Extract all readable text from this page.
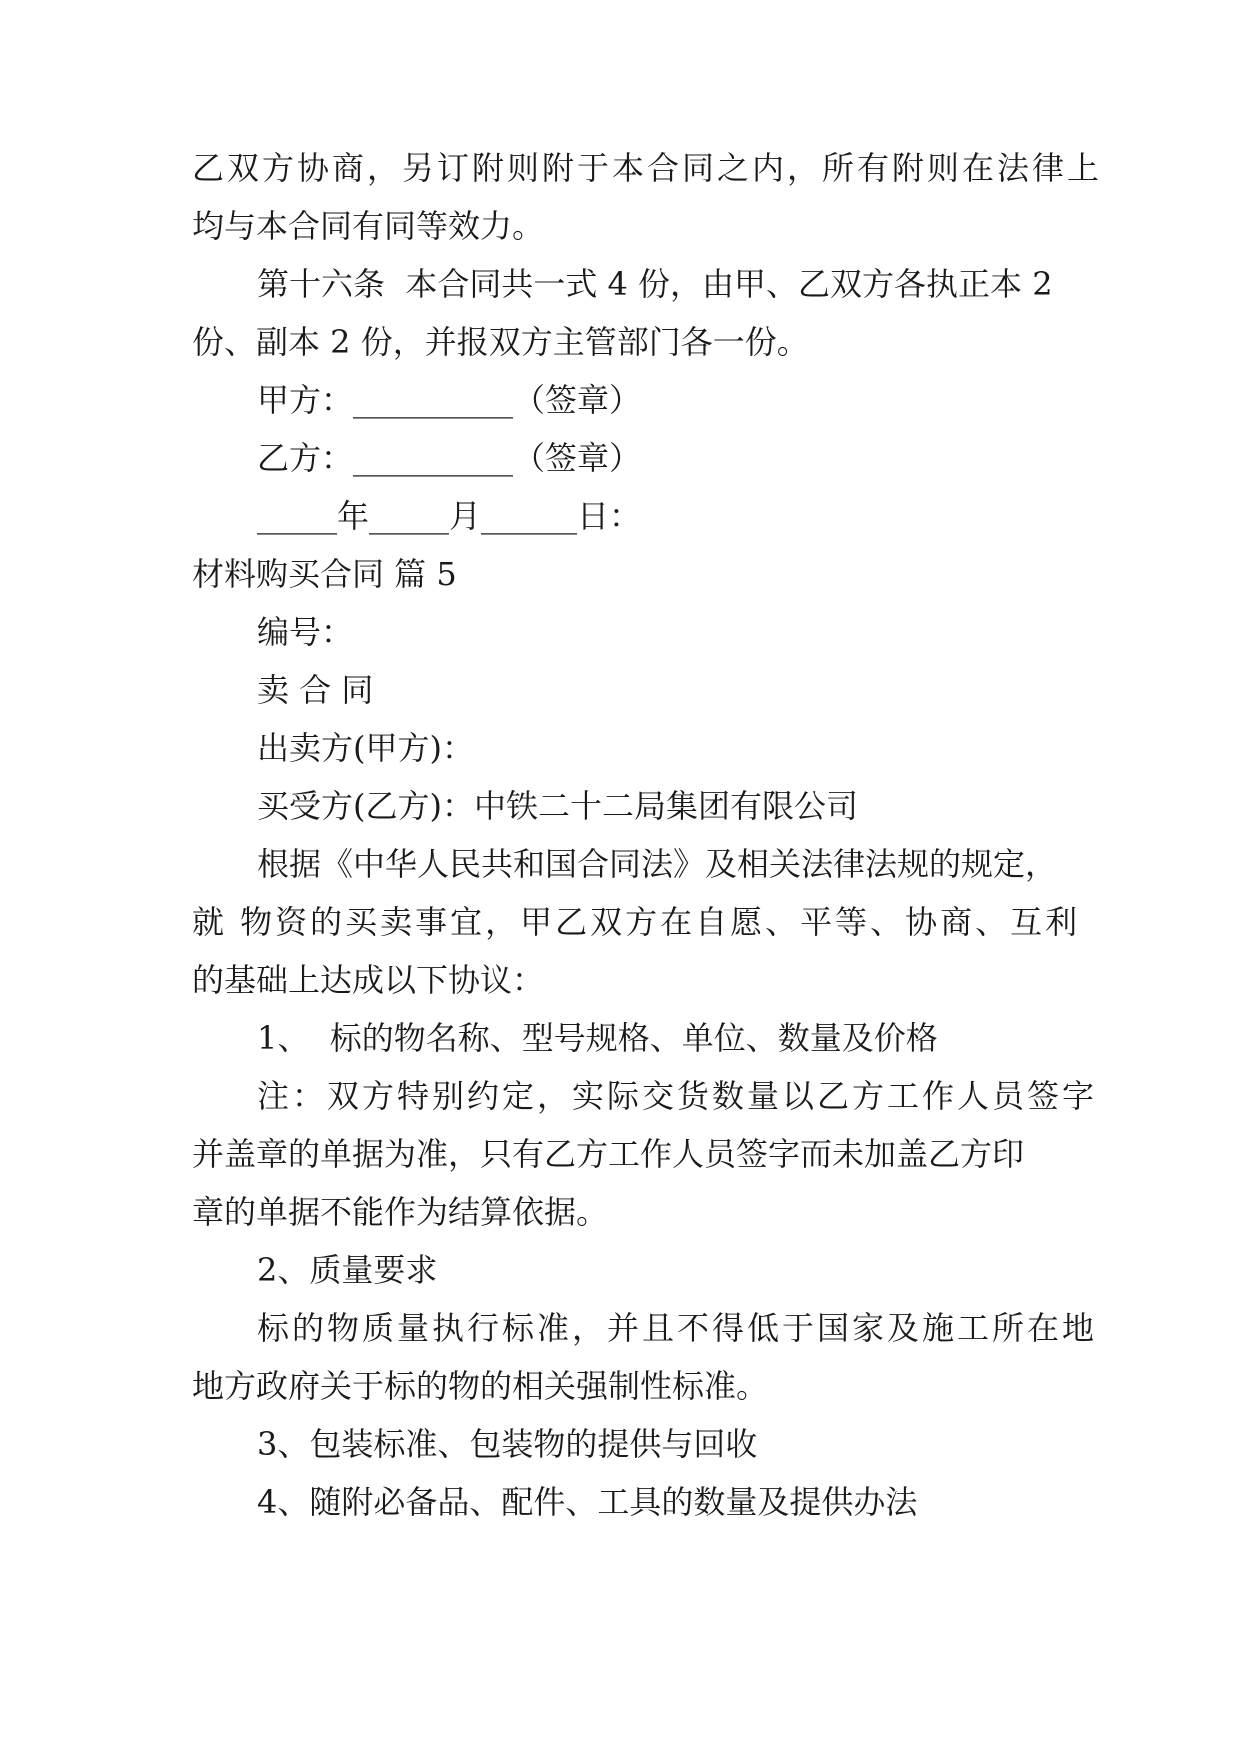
乙双方协商，另订附则附于本合同之内，所有附则在法律上
均与本合同有同等效力。
第十六条  本合同共一式 4 份，由甲、乙双方各执正本 2
份、副本 2 份，并报双方主管部门各一份。
甲方：__________（签章）
乙方：__________（签章）
_____年_____月______日：
材料购买合同 篇 5
编号：
卖 合 同
出卖方(甲方)：
买受方(乙方)：中铁二十二局集团有限公司
根据《中华人民共和国合同法》及相关法律法规的规定，
就 物资的买卖事宜，甲乙双方在自愿、平等、协商、互利
的基础上达成以下协议：
1、  标的物名称、型号规格、单位、数量及价格
注：双方特别约定，实际交货数量以乙方工作人员签字
并盖章的单据为准，只有乙方工作人员签字而未加盖乙方印
章的单据不能作为结算依据。
2、质量要求
标的物质量执行标准，并且不得低于国家及施工所在地
地方政府关于标的物的相关强制性标准。
3、包装标准、包装物的提供与回收
4、随附必备品、配件、工具的数量及提供办法
